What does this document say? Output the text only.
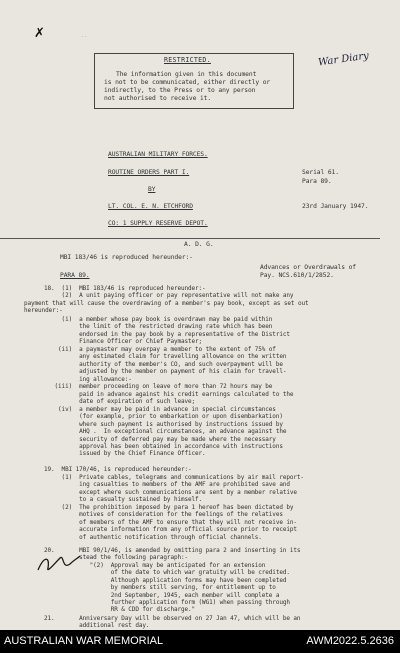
✗	· ·
RESTRICTED.
The information given in this document
is not to be communicated, either directly or
indirectly, to the Press or to any person
not authorised to receive it.
War Diary
AUSTRALIAN MILITARY FORCES.
ROUTINE ORDERS PART I.
BY
LT. COL. E. N. ETCHFORD
CO: 1 SUPPLY RESERVE DEPOT.
Serial 61.
Para 89.
23rd January 1947.
A. D. G.
MBI 183/46 is reproduced hereunder:-
Advances or Overdrawals of
PARA 89.	Pay. NCS.610/1/2852.
18.  (1)  MBI 183/46 is reproduced hereunder:-
(2)  A unit paying officer or pay representative will not make any
payment that will cause the overdrawing of a member's pay book, except as set out
hereunder:-
(i)  a member whose pay book is overdrawn may be paid within
the limit of the restricted drawing rate which has been
endorsed in the pay book by a representative of the District
Finance Officer or Chief Paymaster;
(ii)  a paymaster may overpay a member to the extent of 75% of
any estimated claim for travelling allowance on the written
authority of the member's CO, and such overpayment will be
adjusted by the member on payment of his claim for travell-
ing allowance:-
(iii)  member proceeding on leave of more than 72 hours may be
paid in advance against his credit earnings calculated to the
date of expiration of such leave;
(iv)  a member may be paid in advance in special circumstances
(for example, prior to embarkation or upon disembarkation)
where such payment is authorised by instructions issued by
AHQ .  In exceptional circumstances, an advance against the
security of deferred pay may be made where the necessary
approval has been obtained in accordance with instructions
issued by the Chief Finance Officer.
19.  MBI 170/46, is reproduced hereunder:-
(1)  Private cables, telegrams and communications by air mail report-
ing casualties to members of the AMF are prohibited save and
except where such communications are sent by a member relative
to a casualty sustained by himself.
(2)  The prohibition imposed by para 1 hereof has been dictated by
motives of consideration for the feelings of the relatives
of members of the AMF to ensure that they will not receive in-
accurate information from any official source prior to receipt
of authentic notification through official channels.
20.       MBI 90/1/46, is amended by omitting para 2 and inserting in its
stead the following paragraph:-
"(2)  Approval may be anticipated for an extension
of the date to which war gratuity will be credited.
Although application forms may have been completed
by members still serving, for entitlement up to
2nd September, 1945, each member will complete a
further application form (WG1) when passing through
RR & CDD for discharge."
21.       Anniversary Day will be observed on 27 Jan 47, which will be an
additional rest day.
AUSTRALIAN WAR MEMORIAL	AWM2022.5.2636
